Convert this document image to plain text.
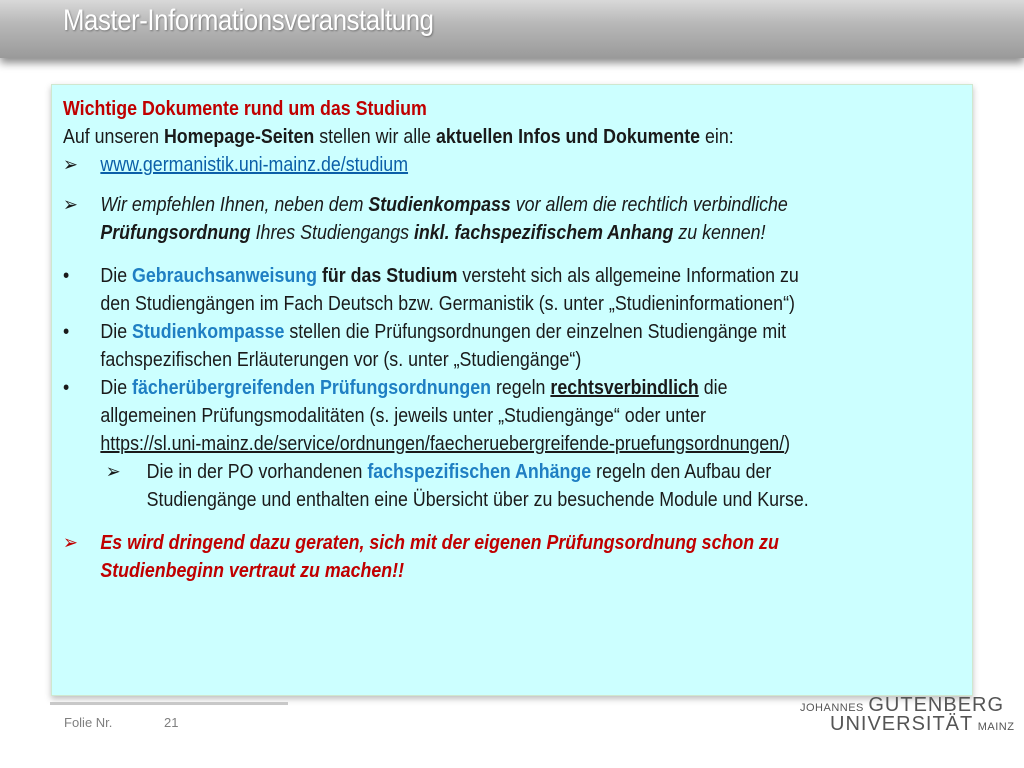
Master-Informationsveranstaltung
Wichtige Dokumente rund um das Studium
Auf unseren Homepage-Seiten stellen wir alle aktuellen Infos und Dokumente ein:
➢ www.germanistik.uni-mainz.de/studium
➢ Wir empfehlen Ihnen, neben dem Studienkompass vor allem die rechtlich verbindliche
Prüfungsordnung Ihres Studiengangs inkl. fachspezifischem Anhang zu kennen!
• Die Gebrauchsanweisung für das Studium versteht sich als allgemeine Information zu
den Studiengängen im Fach Deutsch bzw. Germanistik (s. unter „Studieninformationen“)
• Die Studienkompasse stellen die Prüfungsordnungen der einzelnen Studiengänge mit
fachspezifischen Erläuterungen vor (s. unter „Studiengänge“)
• Die fächerübergreifenden Prüfungsordnungen regeln rechtsverbindlich die
allgemeinen Prüfungsmodalitäten (s. jeweils unter „Studiengänge“ oder unter
https://sl.uni-mainz.de/service/ordnungen/faecheruebergreifende-pruefungsordnungen/)
➢ Die in der PO vorhandenen fachspezifischen Anhänge regeln den Aufbau der
Studiengänge und enthalten eine Übersicht über zu besuchende Module und Kurse.
➢ Es wird dringend dazu geraten, sich mit der eigenen Prüfungsordnung schon zu
Studienbeginn vertraut zu machen!!
Folie Nr.	21
JOHANNES GUTENBERG
UNIVERSITÄT MAINZ
